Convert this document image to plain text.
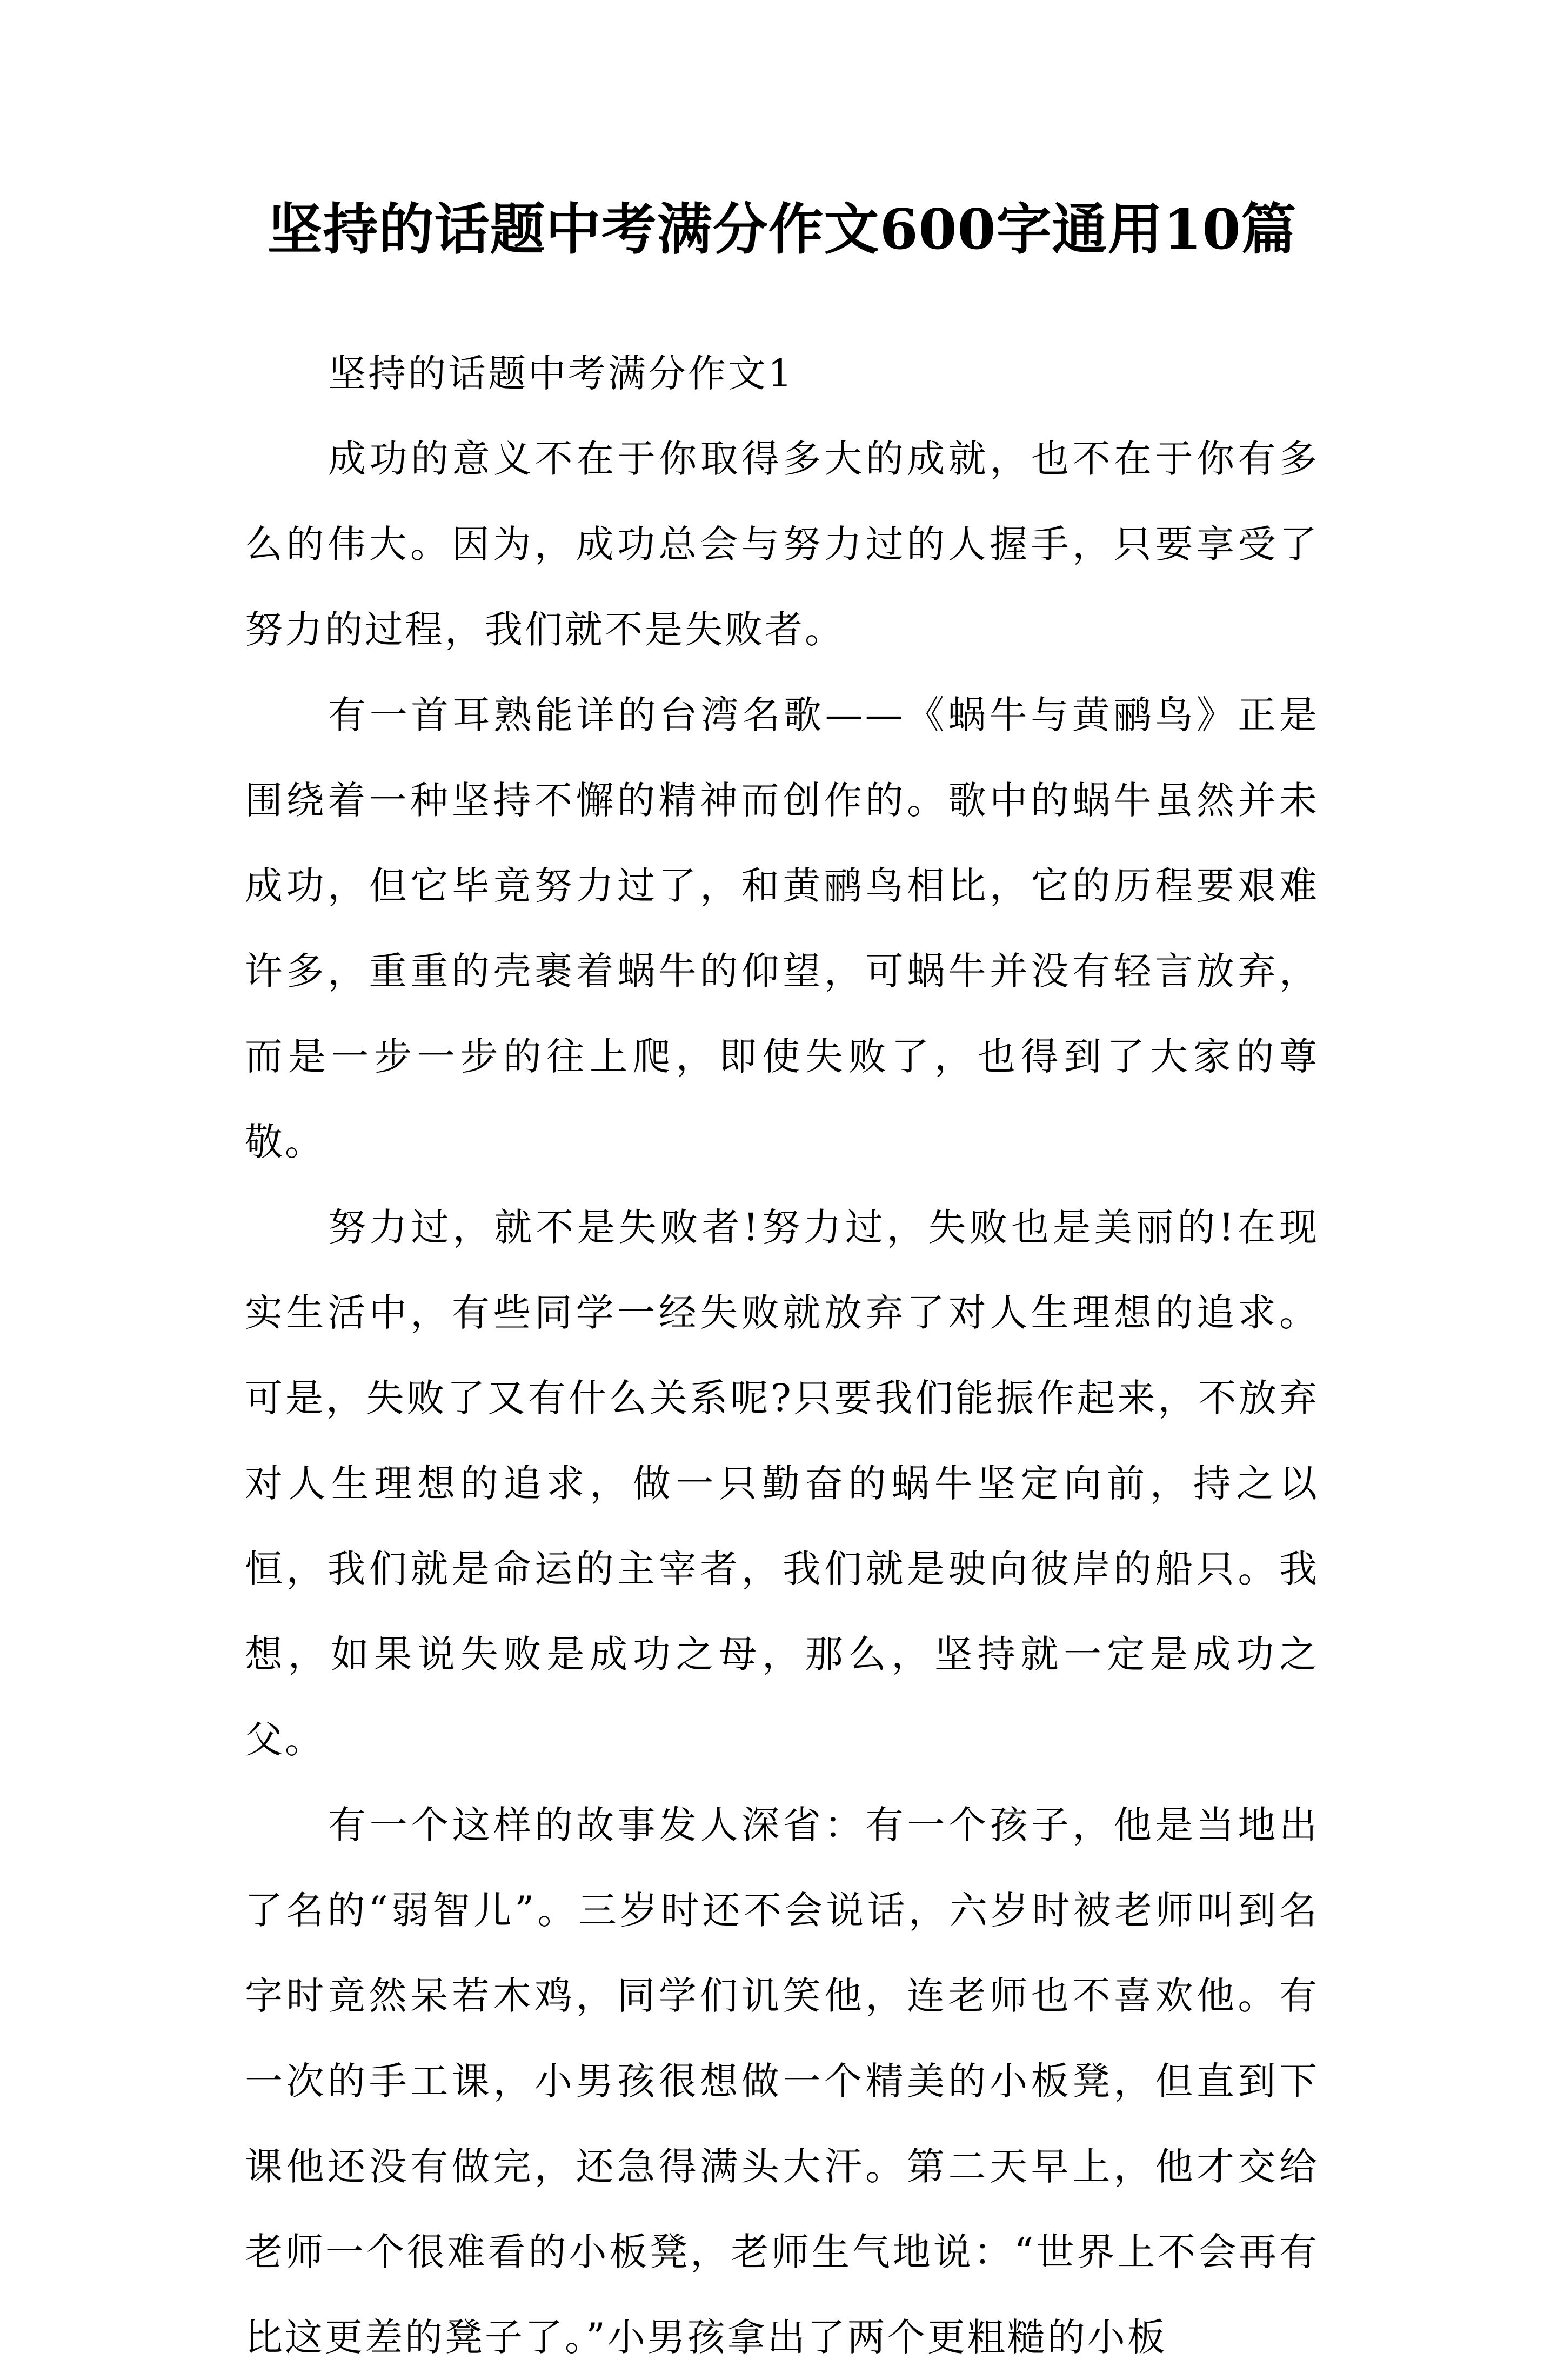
坚持的话题中考满分作文600字通用10篇

坚持的话题中考满分作文1

成功的意义不在于你取得多大的成就，也不在于你有多么的伟大。因为，成功总会与努力过的人握手，只要享受了努力的过程，我们就不是失败者。

有一首耳熟能详的台湾名歌——《蜗牛与黄鹂鸟》正是围绕着一种坚持不懈的精神而创作的。歌中的蜗牛虽然并未成功，但它毕竟努力过了，和黄鹂鸟相比，它的历程要艰难许多，重重的壳裹着蜗牛的仰望，可蜗牛并没有轻言放弃，而是一步一步的往上爬，即使失败了，也得到了大家的尊敬。

努力过，就不是失败者!努力过，失败也是美丽的!在现实生活中，有些同学一经失败就放弃了对人生理想的追求。可是，失败了又有什么关系呢?只要我们能振作起来，不放弃对人生理想的追求，做一只勤奋的蜗牛坚定向前，持之以恒，我们就是命运的主宰者，我们就是驶向彼岸的船只。我想，如果说失败是成功之母，那么，坚持就一定是成功之父。

有一个这样的故事发人深省：有一个孩子，他是当地出了名的“弱智儿”。三岁时还不会说话，六岁时被老师叫到名字时竟然呆若木鸡，同学们讥笑他，连老师也不喜欢他。有一次的手工课，小男孩很想做一个精美的小板凳，但直到下课他还没有做完，还急得满头大汗。第二天早上，他才交给老师一个很难看的小板凳，老师生气地说：“世界上不会再有比这更差的凳子了。”小男孩拿出了两个更粗糙的小板
